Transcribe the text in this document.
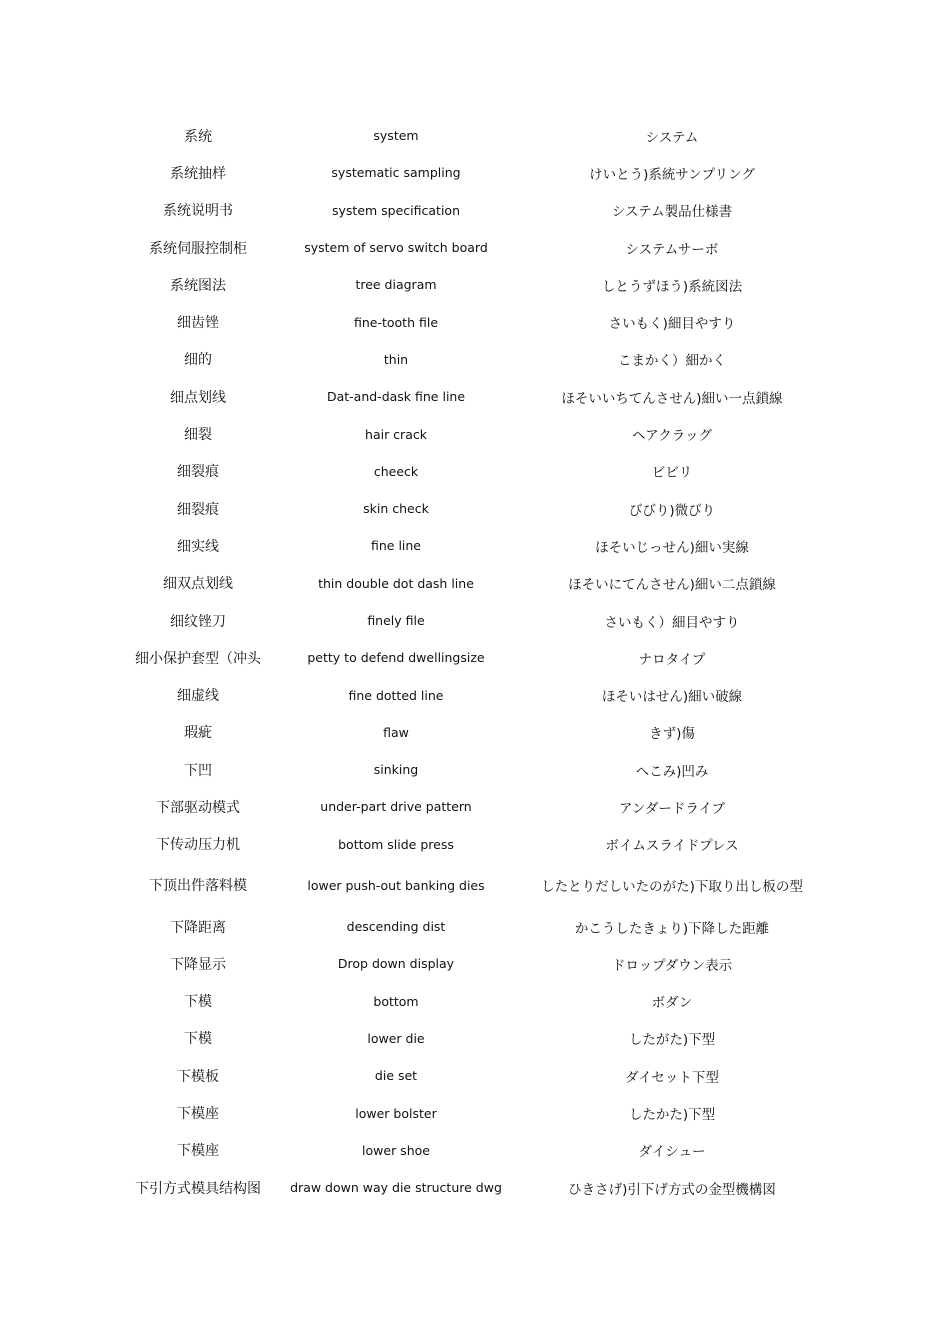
系统	system	システム
系统抽样	systematic sampling	けいとう)系統サンプリング
系统说明书	system specification	システム製品仕様書
系统伺服控制柜	system of servo switch board	システムサーボ
系统图法	tree diagram	しとうずほう)系統図法
细齿锉	fine-tooth file	さいもく)細目やすり
细的	thin	こまかく）細かく
细点划线	Dat-and-dask fine line	ほそいいちてんさせん)細い一点鎖線
细裂	hair crack	ヘアクラッグ
细裂痕	cheeck	ビビリ
细裂痕	skin check	びびり)微びり
细实线	fine line	ほそいじっせん)細い実線
细双点划线	thin double dot dash line	ほそいにてんさせん)細い二点鎖線
细纹锉刀	finely file	さいもく）細目やすり
细小保护套型（冲头	petty to defend dwellingsize	ナロタイプ
细虚线	fine dotted line	ほそいはせん)細い破線
瑕疵	flaw	きず)傷
下凹	sinking	へこみ)凹み
下部驱动模式	under-part drive pattern	アンダードライブ
下传动压力机	bottom slide press	ボイムスライドプレス
下顶出件落料模	lower push-out banking dies	したとりだしいたのがた)下取り出し板の型
下降距离	descending dist	かこうしたきょり)下降した距離
下降显示	Drop down display	ドロップダウン表示
下模	bottom	ボダン
下模	lower die	したがた)下型
下模板	die set	ダイセット下型
下模座	lower bolster	したかた)下型
下模座	lower shoe	ダイシュー
下引方式模具结构图	draw down way die structure dwg	ひきさげ)引下げ方式の金型機構図
